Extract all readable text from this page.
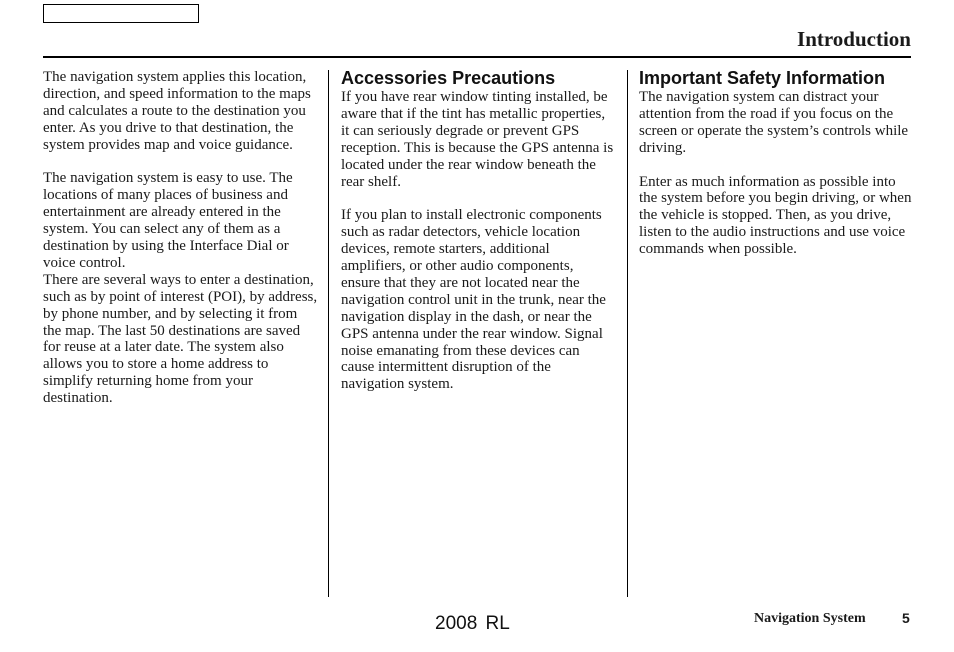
Introduction

The navigation system applies this location, direction, and speed information to the maps and calculates a route to the destination you enter. As you drive to that destination, the system provides map and voice guidance.

The navigation system is easy to use. The locations of many places of business and entertainment are already entered in the system. You can select any of them as a destination by using the Interface Dial or voice control.

There are several ways to enter a destination, such as by point of interest (POI), by address, by phone number, and by selecting it from the map. The last 50 destinations are saved for reuse at a later date. The system also allows you to store a home address to simplify returning home from your destination.

Accessories Precautions

If you have rear window tinting installed, be aware that if the tint has metallic properties, it can seriously degrade or prevent GPS reception. This is because the GPS antenna is located under the rear window beneath the rear shelf.

If you plan to install electronic components such as radar detectors, vehicle location devices, remote starters, additional amplifiers, or other audio components, ensure that they are not located near the navigation control unit in the trunk, near the navigation display in the dash, or near the GPS antenna under the rear window. Signal noise emanating from these devices can cause intermittent disruption of the navigation system.

Important Safety Information

The navigation system can distract your attention from the road if you focus on the screen or operate the system’s controls while driving.

Enter as much information as possible into the system before you begin driving, or when the vehicle is stopped. Then, as you drive, listen to the audio instructions and use voice commands when possible.

2008 RL	Navigation System	5
